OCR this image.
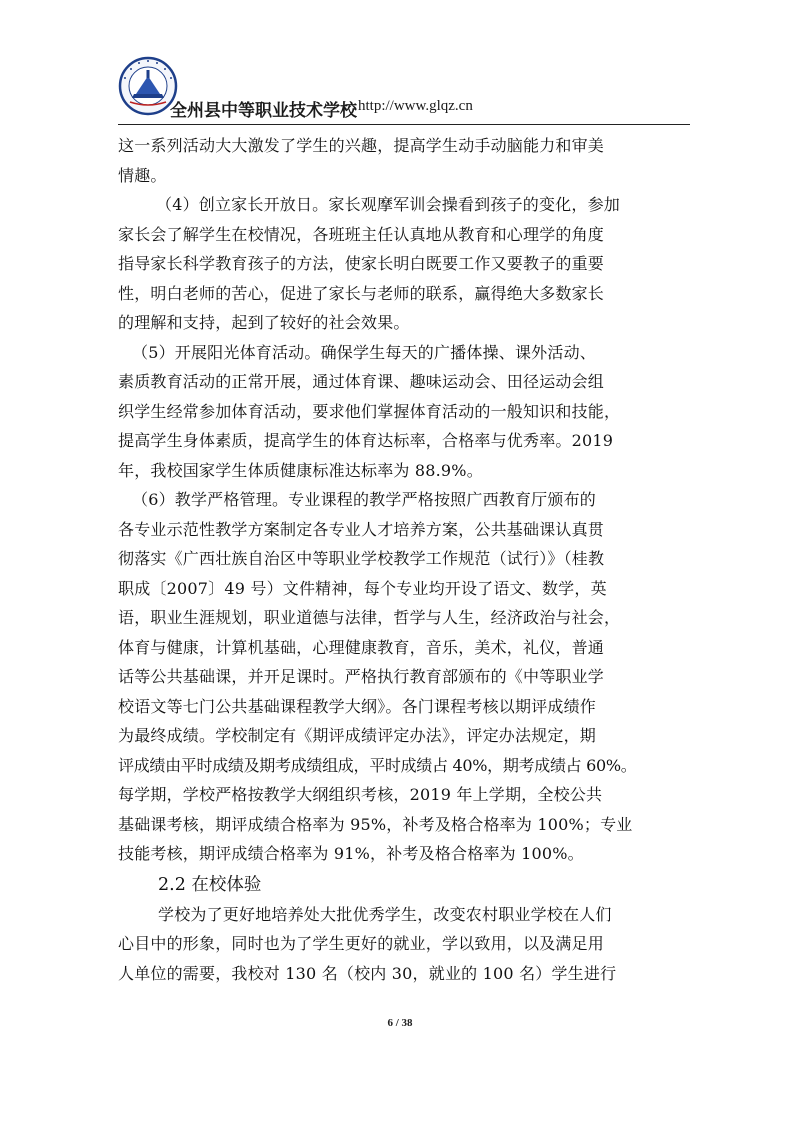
全州县中等职业技术学校 http://www.glqz.cn
这一系列活动大大激发了学生的兴趣，提高学生动手动脑能力和审美
情趣。
（4）创立家长开放日。家长观摩军训会操看到孩子的变化，参加
家长会了解学生在校情况，各班班主任认真地从教育和心理学的角度
指导家长科学教育孩子的方法，使家长明白既要工作又要教子的重要
性，明白老师的苦心，促进了家长与老师的联系，赢得绝大多数家长
的理解和支持，起到了较好的社会效果。
（5）开展阳光体育活动。确保学生每天的广播体操、课外活动、
素质教育活动的正常开展，通过体育课、趣味运动会、田径运动会组
织学生经常参加体育活动，要求他们掌握体育活动的一般知识和技能，
提高学生身体素质，提高学生的体育达标率，合格率与优秀率。2019
年，我校国家学生体质健康标准达标率为 88.9%。
（6）教学严格管理。专业课程的教学严格按照广西教育厅颁布的
各专业示范性教学方案制定各专业人才培养方案，公共基础课认真贯
彻落实《广西壮族自治区中等职业学校教学工作规范（试行）》（桂教
职成〔2007〕49 号）文件精神，每个专业均开设了语文、数学，英
语，职业生涯规划，职业道德与法律，哲学与人生，经济政治与社会，
体育与健康，计算机基础，心理健康教育，音乐，美术，礼仪，普通
话等公共基础课，并开足课时。严格执行教育部颁布的《中等职业学
校语文等七门公共基础课程教学大纲》。各门课程考核以期评成绩作
为最终成绩。学校制定有《期评成绩评定办法》，评定办法规定，期
评成绩由平时成绩及期考成绩组成，平时成绩占 40%，期考成绩占 60%。
每学期，学校严格按教学大纲组织考核，2019 年上学期，全校公共
基础课考核，期评成绩合格率为 95%，补考及格合格率为 100%；专业
技能考核，期评成绩合格率为 91%，补考及格合格率为 100%。
2.2 在校体验
学校为了更好地培养处大批优秀学生，改变农村职业学校在人们
心目中的形象，同时也为了学生更好的就业，学以致用，以及满足用
人单位的需要，我校对 130 名（校内 30，就业的 100 名）学生进行
6 / 38
